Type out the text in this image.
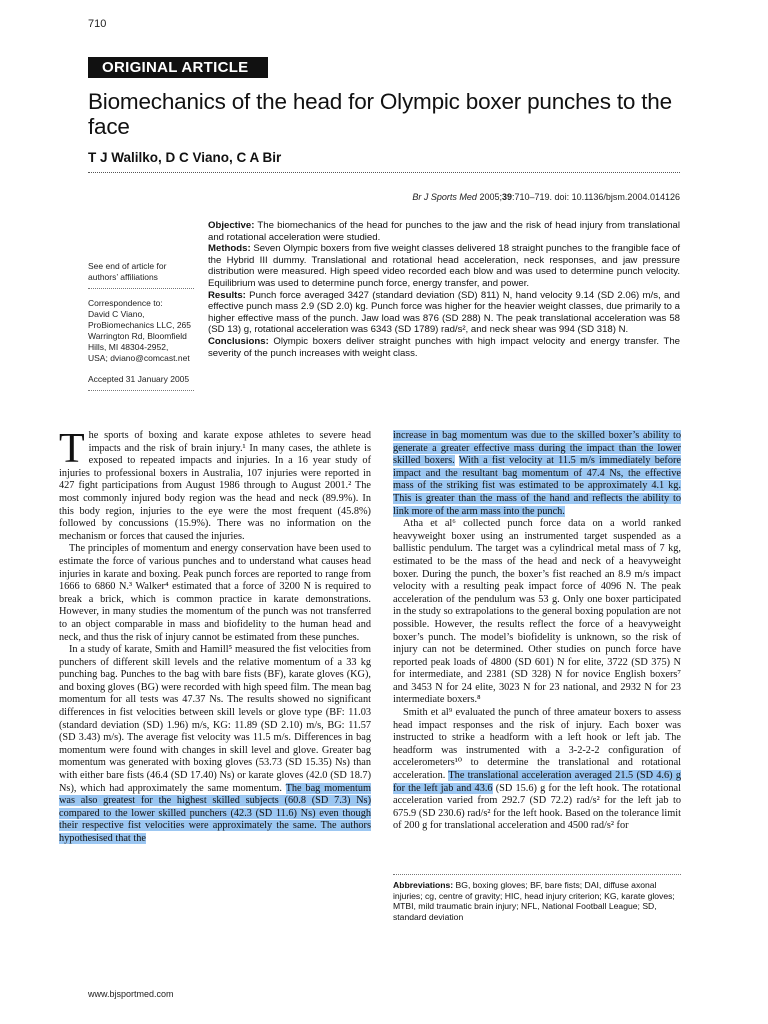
710
ORIGINAL ARTICLE
Biomechanics of the head for Olympic boxer punches to the face
T J Walilko, D C Viano, C A Bir
Br J Sports Med 2005;39:710–719. doi: 10.1136/bjsm.2004.014126
See end of article for authors’ affiliations
Correspondence to:
David C Viano,
ProBiomechanics LLC, 265
Warrington Rd, Bloomfield
Hills, MI 48304-2952,
USA; dviano@comcast.net
Accepted 31 January 2005
Objective: The biomechanics of the head for punches to the jaw and the risk of head injury from translational and rotational acceleration were studied.
Methods: Seven Olympic boxers from five weight classes delivered 18 straight punches to the frangible face of the Hybrid III dummy. Translational and rotational head acceleration, neck responses, and jaw pressure distribution were measured. High speed video recorded each blow and was used to determine punch velocity. Equilibrium was used to determine punch force, energy transfer, and power.
Results: Punch force averaged 3427 (standard deviation (SD) 811) N, hand velocity 9.14 (SD 2.06) m/s, and effective punch mass 2.9 (SD 2.0) kg. Punch force was higher for the heavier weight classes, due primarily to a higher effective mass of the punch. Jaw load was 876 (SD 288) N. The peak translational acceleration was 58 (SD 13) g, rotational acceleration was 6343 (SD 1789) rad/s², and neck shear was 994 (SD 318) N.
Conclusions: Olympic boxers deliver straight punches with high impact velocity and energy transfer. The severity of the punch increases with weight class.

The sports of boxing and karate expose athletes to severe head impacts and the risk of brain injury.¹ In many cases, the athlete is exposed to repeated impacts and injuries. In a 16 year study of injuries to professional boxers in Australia, 107 injuries were reported in 427 fight participations from August 1986 through to August 2001.² The most commonly injured body region was the head and neck (89.9%). In this body region, injuries to the eye were the most frequent (45.8%) followed by concussions (15.9%). There was no information on the mechanism or forces that caused the injuries.

The principles of momentum and energy conservation have been used to estimate the force of various punches and to understand what causes head injuries in karate and boxing. Peak punch forces are reported to range from 1666 to 6860 N.³ Walker⁴ estimated that a force of 3200 N is required to break a brick, which is common practice in karate demonstrations. However, in many studies the momentum of the punch was not transferred to an object comparable in mass and biofidelity to the human head and neck, and thus the risk of injury cannot be estimated from these punches.

In a study of karate, Smith and Hamill⁵ measured the fist velocities from punchers of different skill levels and the relative momentum of a 33 kg punching bag. Punches to the bag with bare fists (BF), karate gloves (KG), and boxing gloves (BG) were recorded with high speed film. The mean bag momentum for all tests was 47.37 Ns. The results showed no significant differences in fist velocities between skill levels or glove type (BF: 11.03 (standard deviation (SD) 1.96) m/s, KG: 11.89 (SD 2.10) m/s, BG: 11.57 (SD 3.43) m/s). The average fist velocity was 11.5 m/s. Differences in bag momentum were found with changes in skill level and glove. Greater bag momentum was generated with boxing gloves (53.73 (SD 15.35) Ns) than with either bare fists (46.4 (SD 17.40) Ns) or karate gloves (42.0 (SD 18.7) Ns), which had approximately the same momentum. The bag momentum was also greatest for the highest skilled subjects (60.8 (SD 7.3) Ns) compared to the lower skilled punchers (42.3 (SD 11.6) Ns) even though their respective fist velocities were approximately the same. The authors hypothesised that the

increase in bag momentum was due to the skilled boxer’s ability to generate a greater effective mass during the impact than the lower skilled boxers. With a fist velocity at 11.5 m/s immediately before impact and the resultant bag momentum of 47.4 Ns, the effective mass of the striking fist was estimated to be approximately 4.1 kg. This is greater than the mass of the hand and reflects the ability to link more of the arm mass into the punch.

Atha et al⁶ collected punch force data on a world ranked heavyweight boxer using an instrumented target suspended as a ballistic pendulum. The target was a cylindrical metal mass of 7 kg, estimated to be the mass of the head and neck of a heavyweight boxer. During the punch, the boxer’s fist reached an 8.9 m/s impact velocity with a resulting peak impact force of 4096 N. The peak acceleration of the pendulum was 53 g. Only one boxer participated in the study so extrapolations to the general boxing population are not possible. However, the results reflect the force of a heavyweight boxer’s punch. The model’s biofidelity is unknown, so the risk of injury can not be determined. Other studies on punch force have reported peak loads of 4800 (SD 601) N for elite, 3722 (SD 375) N for intermediate, and 2381 (SD 328) N for novice English boxers⁷ and 3453 N for 24 elite, 3023 N for 23 national, and 2932 N for 23 intermediate boxers.⁸

Smith et al⁹ evaluated the punch of three amateur boxers to assess head impact responses and the risk of injury. Each boxer was instructed to strike a headform with a left hook or left jab. The headform was instrumented with a 3-2-2-2 configuration of accelerometers¹⁰ to determine the translational and rotational acceleration. The translational acceleration averaged 21.5 (SD 4.6) g for the left jab and 43.6 (SD 15.6) g for the left hook. The rotational acceleration varied from 292.7 (SD 72.2) rad/s² for the left jab to 675.9 (SD 230.6) rad/s² for the left hook. Based on the tolerance limit of 200 g for translational acceleration and 4500 rad/s² for

Abbreviations: BG, boxing gloves; BF, bare fists; DAI, diffuse axonal injuries; cg, centre of gravity; HIC, head injury criterion; KG, karate gloves; MTBI, mild traumatic brain injury; NFL, National Football League; SD, standard deviation
www.bjsportmed.com
